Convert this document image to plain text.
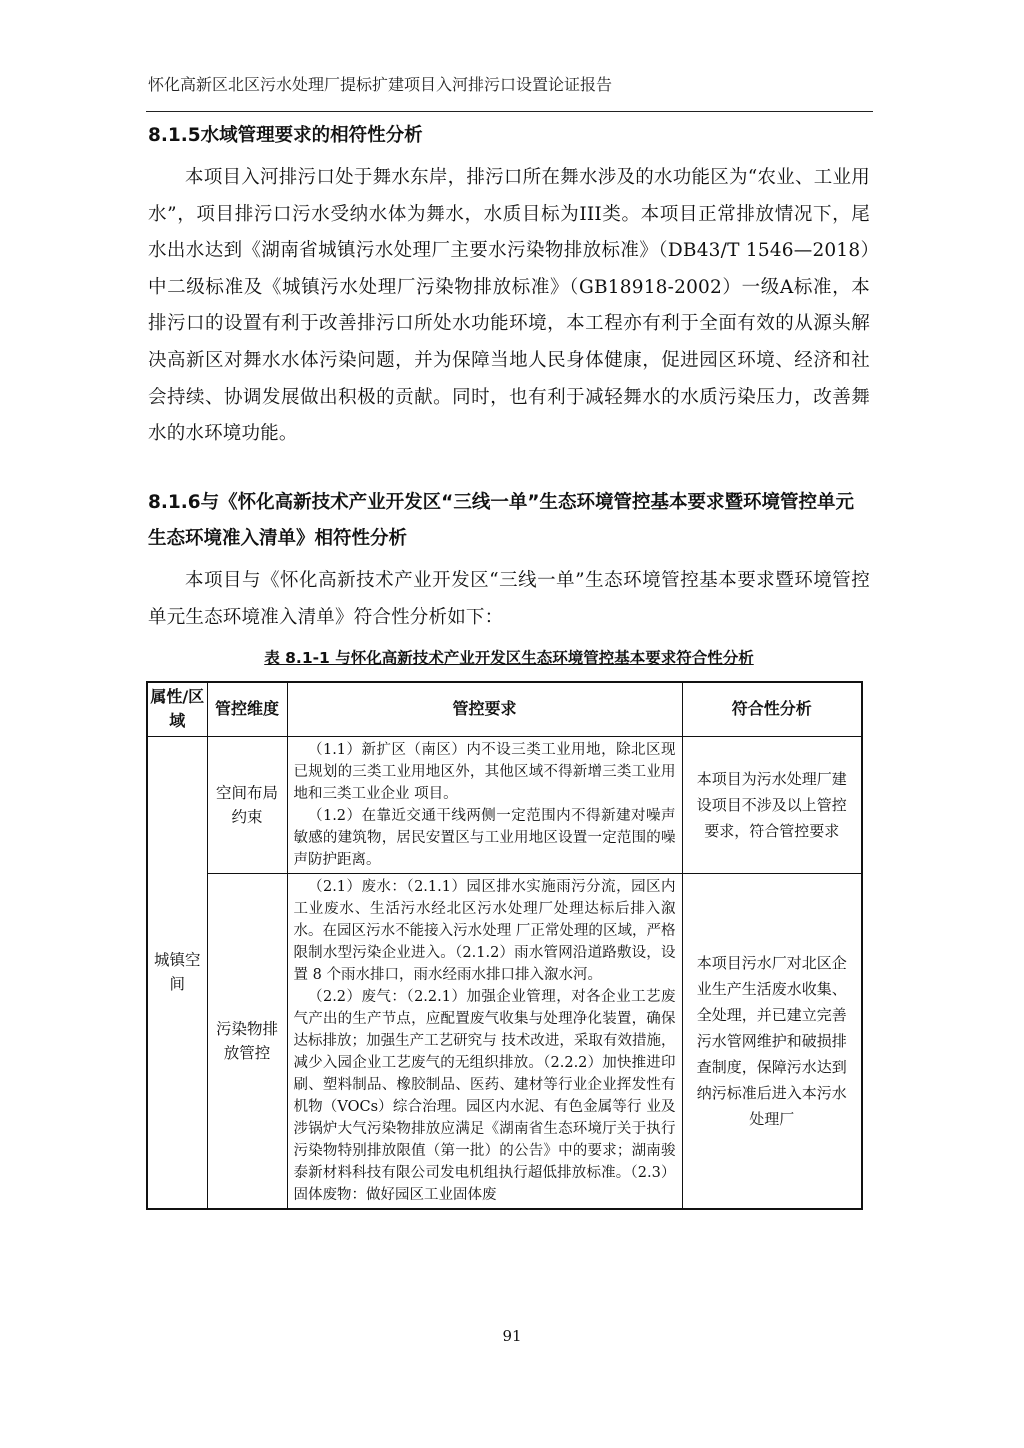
怀化高新区北区污水处理厂提标扩建项目入河排污口设置论证报告
8.1.5水域管理要求的相符性分析

本项目入河排污口处于舞水东岸，排污口所在舞水涉及的水功能区为“农业、工业用水”，项目排污口污水受纳水体为舞水，水质目标为III类。本项目正常排放情况下，尾水出水达到《湖南省城镇污水处理厂主要水污染物排放标准》（DB43/T 1546—2018）中二级标准及《城镇污水处理厂污染物排放标准》（GB18918-2002）一级A标准，本排污口的设置有利于改善排污口所处水功能环境，本工程亦有利于全面有效的从源头解决高新区对舞水水体污染问题，并为保障当地人民身体健康，促进园区环境、经济和社会持续、协调发展做出积极的贡献。同时，也有利于减轻舞水的水质污染压力，改善舞水的水环境功能。

8.1.6与《怀化高新技术产业开发区“三线一单”生态环境管控基本要求暨环境管控单元生态环境准入清单》相符性分析

本项目与《怀化高新技术产业开发区“三线一单”生态环境管控基本要求暨环境管控单元生态环境准入清单》符合性分析如下：

表 8.1-1 与怀化高新技术产业开发区生态环境管控基本要求符合性分析

属性/区域	管控维度	管控要求	符合性分析
城镇空间	空间布局约束	（1.1）新扩区（南区）内不设三类工业用地，除北区现已规划的三类工业用地区外，其他区域不得新增三类工业用地和三类工业企业 项目。

（1.2）在靠近交通干线两侧一定范围内不得新建对噪声敏感的建筑物，居民安置区与工业用地区设置一定范围的噪声防护距离。	本项目为污水处理厂建设项目不涉及以上管控要求，符合管控要求
	污染物排放管控	（2.1）废水：（2.1.1）园区排水实施雨污分流，园区内工业废水、生活污水经北区污水处理厂处理达标后排入溆水。在园区污水不能接入污水处理 厂正常处理的区域，严格限制水型污染企业进入。（2.1.2）雨水管网沿道路敷设，设置 8 个雨水排口，雨水经雨水排口排入溆水河。

（2.2）废气：（2.2.1）加强企业管理，对各企业工艺废气产出的生产节点，应配置废气收集与处理净化装置，确保达标排放；加强生产工艺研究与 技术改进，采取有效措施，减少入园企业工艺废气的无组织排放。（2.2.2）加快推进印刷、塑料制品、橡胶制品、医药、建材等行业企业挥发性有机物（VOCs）综合治理。园区内水泥、有色金属等行 业及涉锅炉大气污染物排放应满足《湖南省生态环境厅关于执行污染物特别排放限值（第一批）的公告》中的要求；湖南骏泰新材料科技有限公司发电机组执行超低排放标准。（2.3）固体废物：做好园区工业固体废	本项目污水厂对北区企业生产生活废水收集、全处理，并已建立完善污水管网维护和破损排查制度，保障污水达到纳污标准后进入本污水处理厂

91
